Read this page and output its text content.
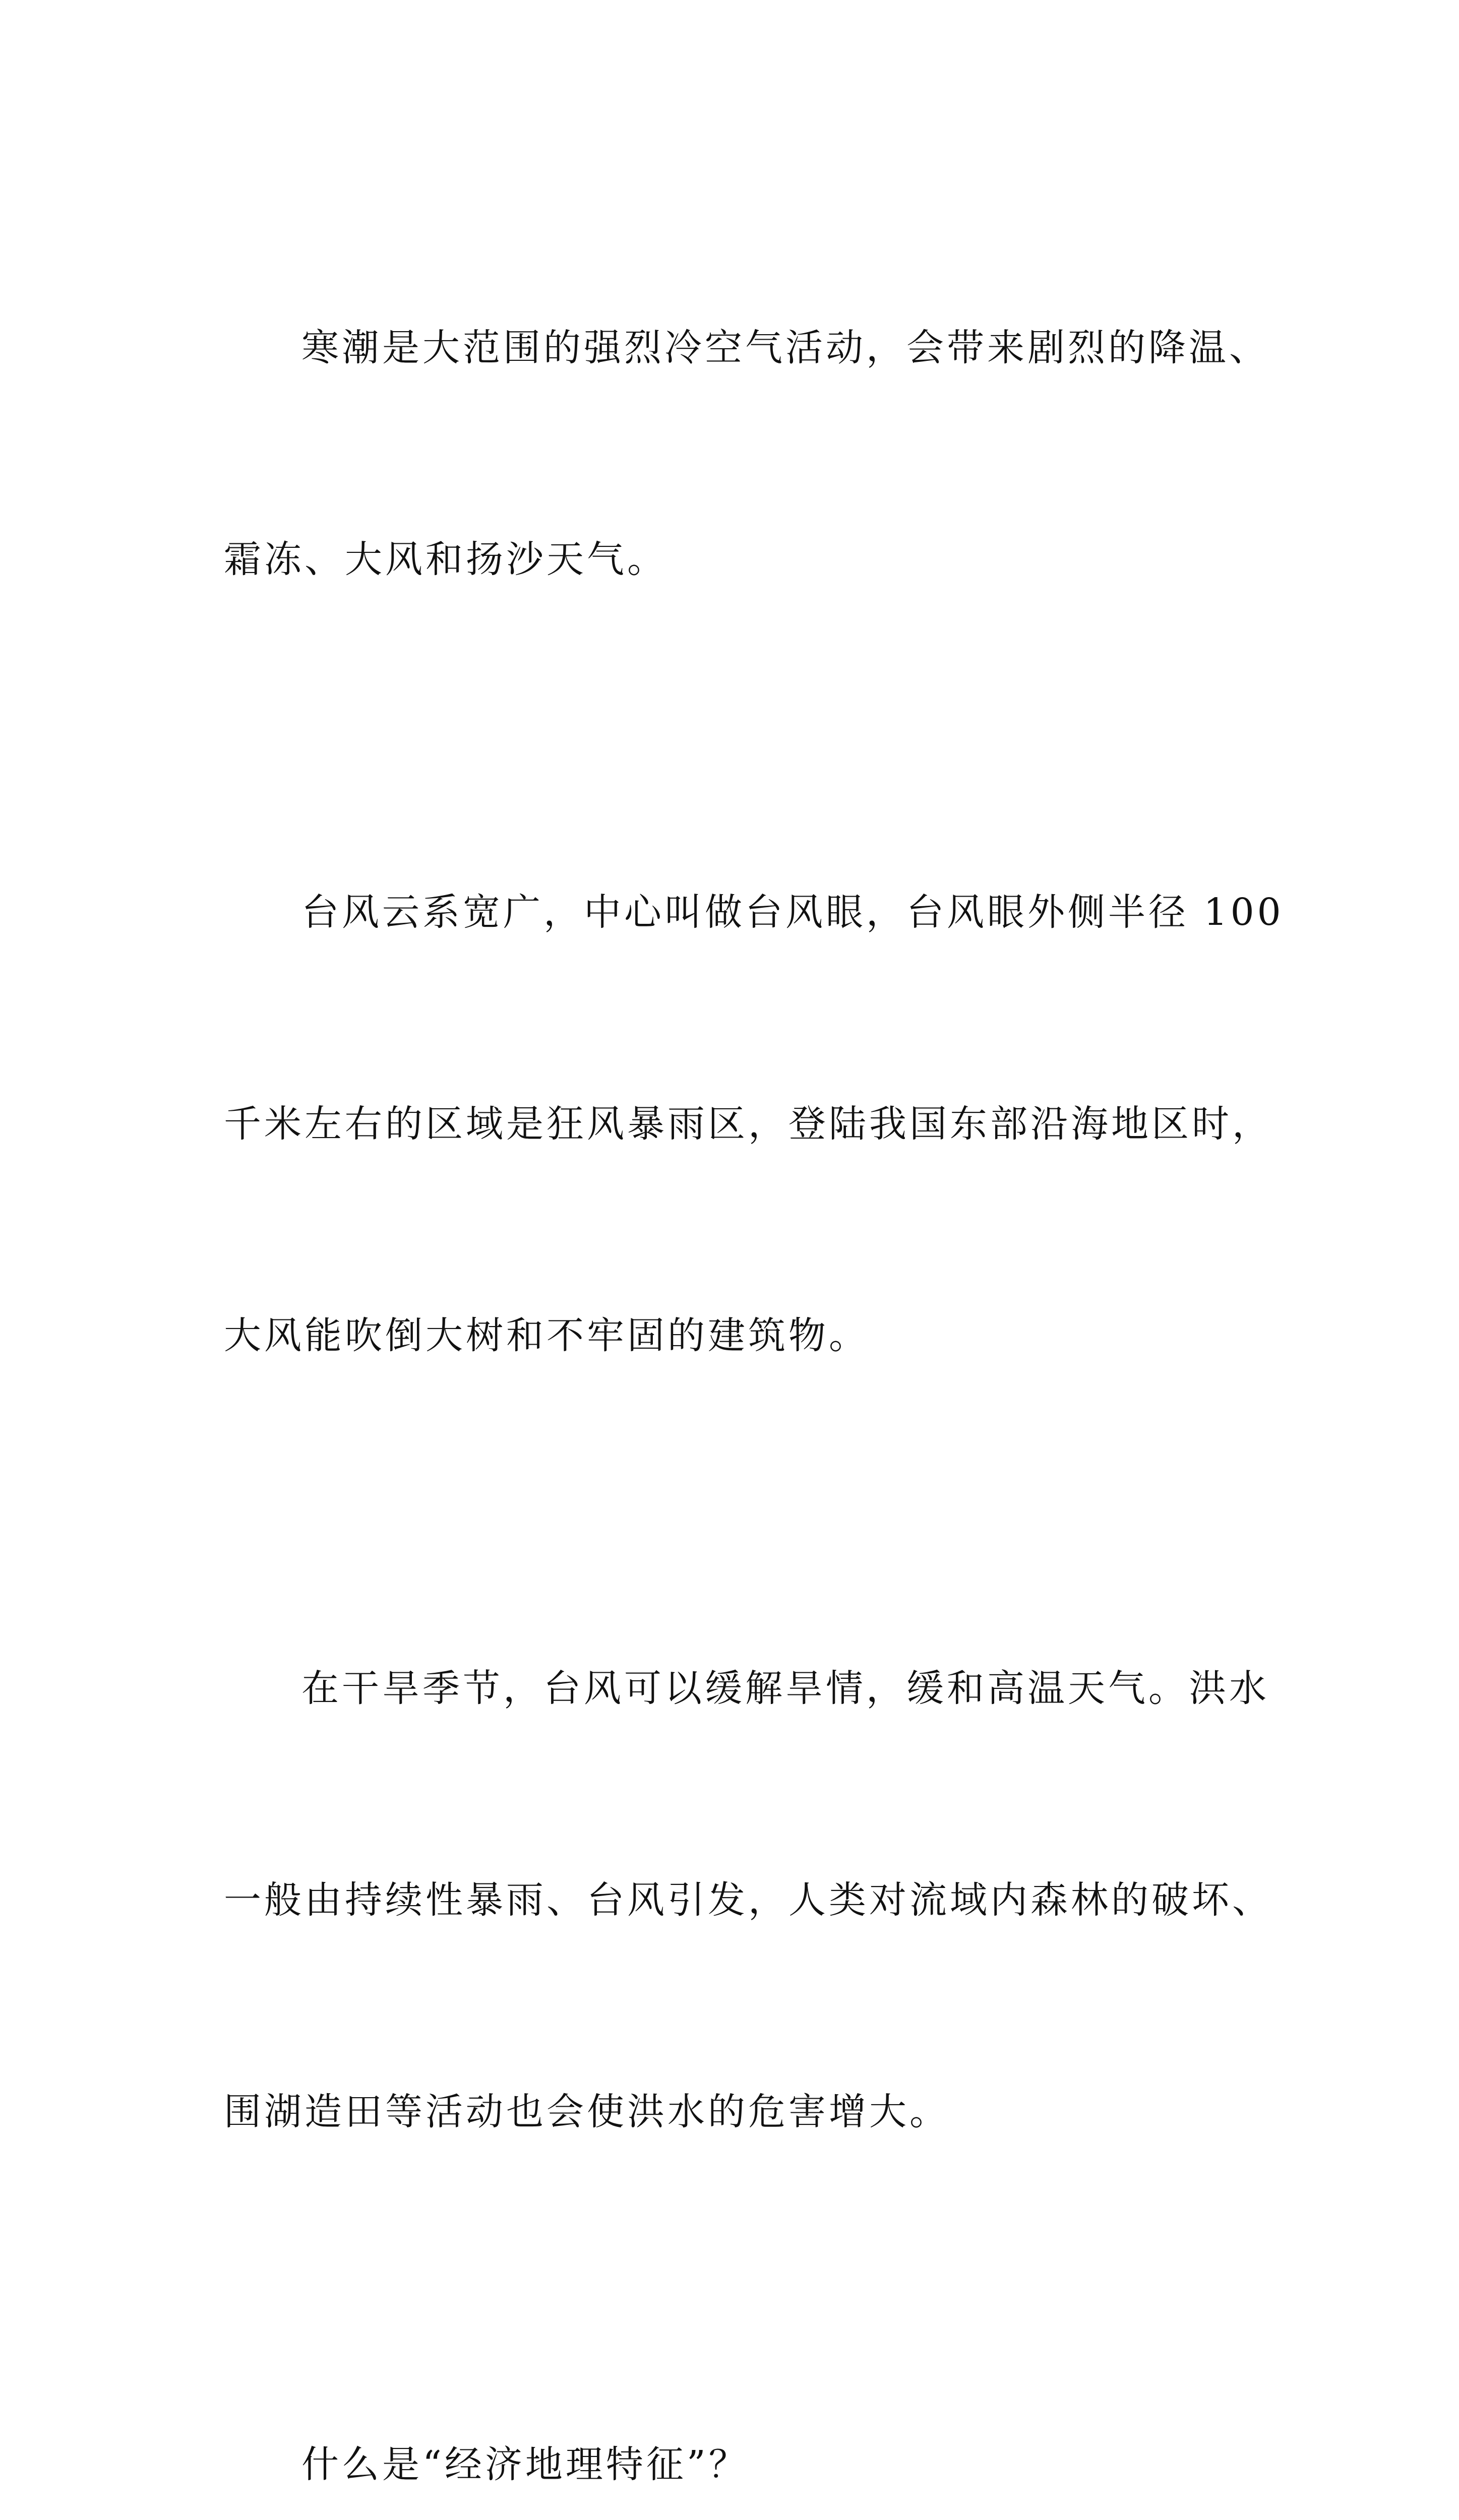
寒潮是大范围的强烈冷空气活动，会带来剧烈的降温、

霜冻、大风和扬沙天气。

台风云系宽广，中心叫做台风眼，台风眼外侧半径 100

千米左右的区域是狂风暴雨区，登陆我国东部沿海地区时，

大风能吹倒大树和不牢固的建筑物。

在干旱季节，台风可以缓解旱情，缓和高温天气。洪水

一般由持续性暴雨、台风引发，人类对流域内森林的破坏、

围湖造田等活动也会使洪水的危害增大。

什么是“经济地理特征”？
